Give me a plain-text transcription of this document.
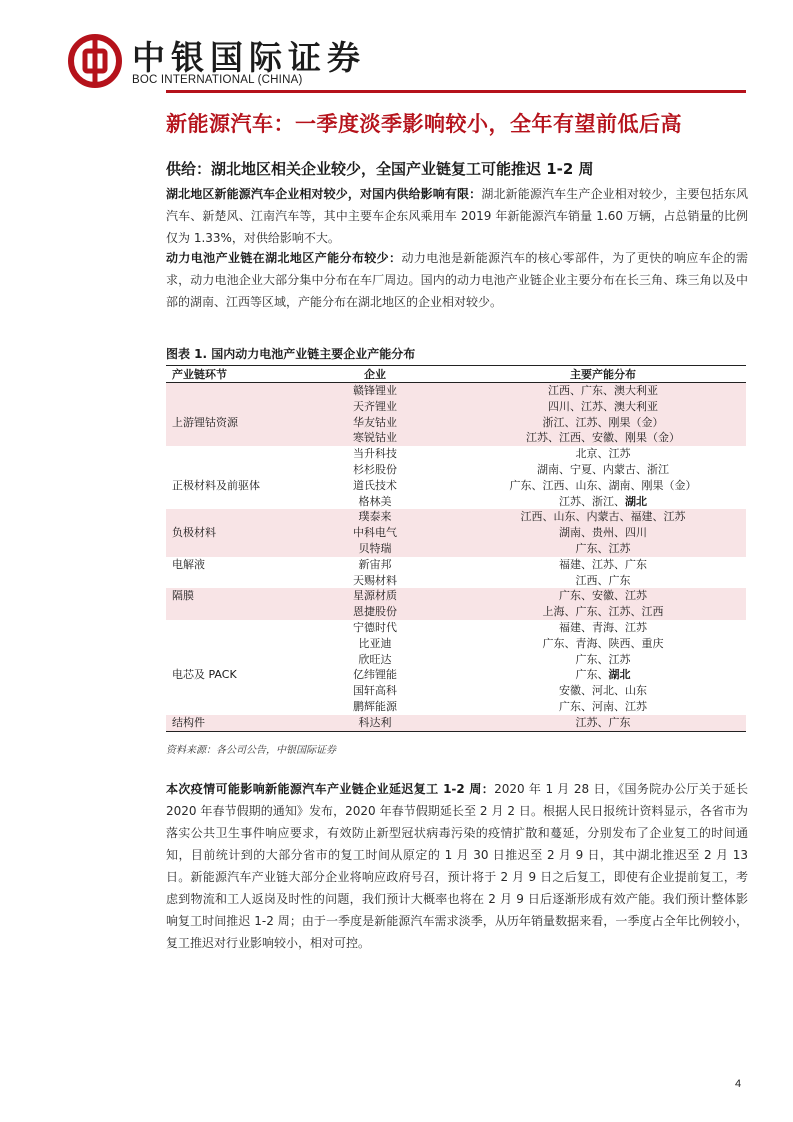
中银国际证券
BOC INTERNATIONAL (CHINA)
新能源汽车：一季度淡季影响较小，全年有望前低后高
供给：湖北地区相关企业较少，全国产业链复工可能推迟 1-2 周
湖北地区新能源汽车企业相对较少，对国内供给影响有限：湖北新能源汽车生产企业相对较少，主要包括东风汽车、新楚风、江南汽车等，其中主要车企东风乘用车 2019 年新能源汽车销量 1.60 万辆，占总销量的比例仅为 1.33%，对供给影响不大。
动力电池产业链在湖北地区产能分布较少：动力电池是新能源汽车的核心零部件，为了更快的响应车企的需求，动力电池企业大部分集中分布在车厂周边。国内的动力电池产业链企业主要分布在长三角、珠三角以及中部的湖南、江西等区域，产能分布在湖北地区的企业相对较少。
图表 1. 国内动力电池产业链主要企业产能分布
产业链环节	企业	主要产能分布
	赣锋锂业	江西、广东、澳大利亚
	天齐锂业	四川、江苏、澳大利亚
上游锂钴资源	华友钴业	浙江、江苏、刚果（金）
	寒锐钴业	江苏、江西、安徽、刚果（金）
	当升科技	北京、江苏
	杉杉股份	湖南、宁夏、内蒙古、浙江
正极材料及前驱体	道氏技术	广东、江西、山东、湖南、刚果（金）
	格林美	江苏、浙江、湖北
	璞泰来	江西、山东、内蒙古、福建、江苏
负极材料	中科电气	湖南、贵州、四川
	贝特瑞	广东、江苏
电解液	新宙邦	福建、江苏、广东
	天赐材料	江西、广东
隔膜	星源材质	广东、安徽、江苏
	恩捷股份	上海、广东、江苏、江西
	宁德时代	福建、青海、江苏
	比亚迪	广东、青海、陕西、重庆
	欣旺达	广东、江苏
电芯及 PACK	亿纬锂能	广东、湖北
	国轩高科	安徽、河北、山东
	鹏辉能源	广东、河南、江苏
结构件	科达利	江苏、广东
资料来源：各公司公告，中银国际证券
本次疫情可能影响新能源汽车产业链企业延迟复工 1-2 周：2020 年 1 月 28 日，《国务院办公厅关于延长 2020 年春节假期的通知》发布，2020 年春节假期延长至 2 月 2 日。根据人民日报统计资料显示，各省市为落实公共卫生事件响应要求，有效防止新型冠状病毒污染的疫情扩散和蔓延，分别发布了企业复工的时间通知，目前统计到的大部分省市的复工时间从原定的 1 月 30 日推迟至 2 月 9 日，其中湖北推迟至 2 月 13 日。新能源汽车产业链大部分企业将响应政府号召，预计将于 2 月 9 日之后复工，即使有企业提前复工，考虑到物流和工人返岗及时性的问题，我们预计大概率也将在 2 月 9 日后逐渐形成有效产能。我们预计整体影响复工时间推迟 1-2 周；由于一季度是新能源汽车需求淡季，从历年销量数据来看，一季度占全年比例较小，复工推迟对行业影响较小，相对可控。
4
